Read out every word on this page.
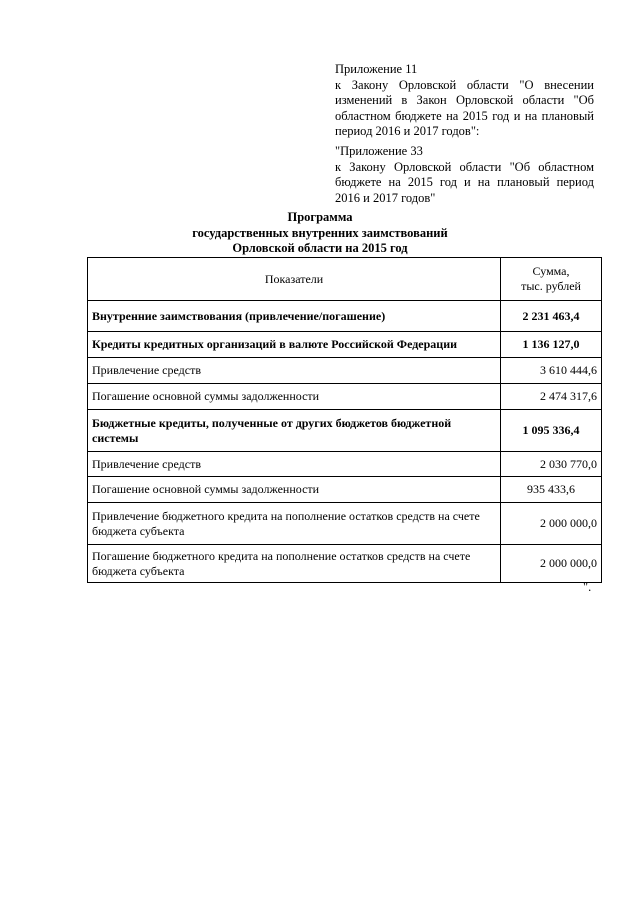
Приложение 11

к Закону Орловской области "О внесении изменений в Закон Орловской области "Об областном бюджете на 2015 год и на плановый период 2016 и 2017 годов":

"Приложение 33

к Закону Орловской области "Об областном бюджете на 2015 год и на плановый период 2016 и 2017 годов"

Программа
государственных внутренних заимствований
Орловской области на 2015 год
Показатели	Сумма,
тыс. рублей

Внутренние заимствования (привлечение/погашение)	2 231 463,4
Кредиты кредитных организаций в валюте Российской Федерации	1 136 127,0
Привлечение средств	3 610 444,6
Погашение основной суммы задолженности	2 474 317,6
Бюджетные кредиты, полученные от других бюджетов бюджетной системы	1 095 336,4
Привлечение средств	2 030 770,0
Погашение основной суммы задолженности	935 433,6
Привлечение бюджетного кредита на пополнение остатков средств на счете бюджета субъекта	2 000 000,0
Погашение бюджетного кредита на пополнение остатков средств на счете бюджета субъекта	2 000 000,0
".
